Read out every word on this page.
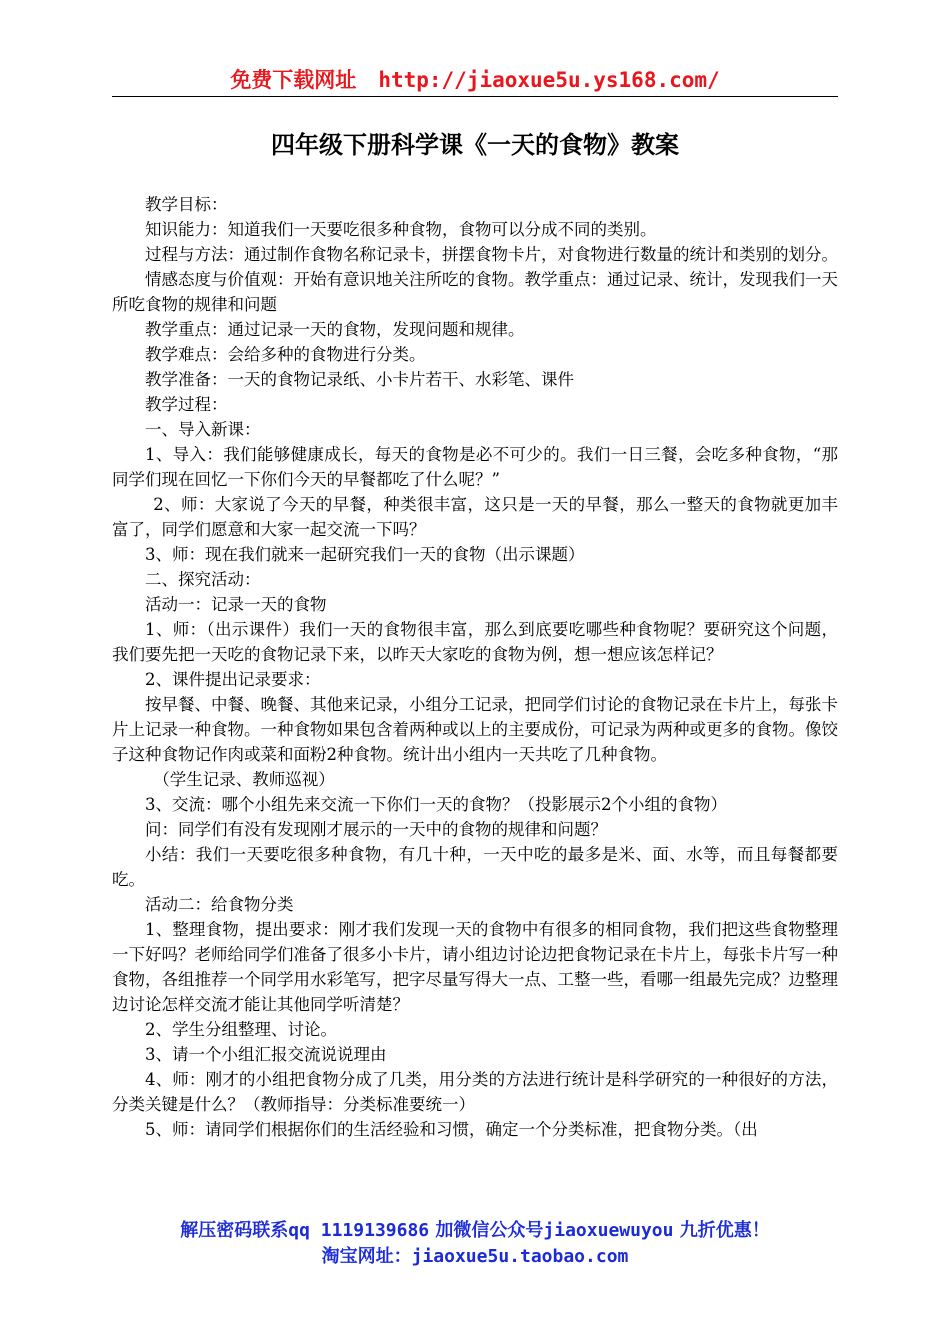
免费下载网址 http://jiaoxue5u.ys168.com/
四年级下册科学课《一天的食物》教案

教学目标：

知识能力：知道我们一天要吃很多种食物，食物可以分成不同的类别。

过程与方法：通过制作食物名称记录卡，拼摆食物卡片，对食物进行数量的统计和类别的划分。

情感态度与价值观：开始有意识地关注所吃的食物。教学重点：通过记录、统计，发现我们一天所吃食物的规律和问题

教学重点：通过记录一天的食物，发现问题和规律。

教学难点：会给多种的食物进行分类。

教学准备：一天的食物记录纸、小卡片若干、水彩笔、课件

教学过程：

一、导入新课：

1、导入：我们能够健康成长，每天的食物是必不可少的。我们一日三餐，会吃多种食物，“那同学们现在回忆一下你们今天的早餐都吃了什么呢？”

2、师：大家说了今天的早餐，种类很丰富，这只是一天的早餐，那么一整天的食物就更加丰富了，同学们愿意和大家一起交流一下吗？

3、师：现在我们就来一起研究我们一天的食物（出示课题）

二、探究活动：

活动一：记录一天的食物

1、师：（出示课件）我们一天的食物很丰富，那么到底要吃哪些种食物呢？要研究这个问题，我们要先把一天吃的食物记录下来，以昨天大家吃的食物为例，想一想应该怎样记？

2、课件提出记录要求：

按早餐、中餐、晚餐、其他来记录，小组分工记录，把同学们讨论的食物记录在卡片上，每张卡片上记录一种食物。一种食物如果包含着两种或以上的主要成份，可记录为两种或更多的食物。像饺子这种食物记作肉或菜和面粉2种食物。统计出小组内一天共吃了几种食物。

（学生记录、教师巡视）

3、交流：哪个小组先来交流一下你们一天的食物？（投影展示2个小组的食物）

问：同学们有没有发现刚才展示的一天中的食物的规律和问题？

小结：我们一天要吃很多种食物，有几十种，一天中吃的最多是米、面、水等，而且每餐都要吃。

活动二：给食物分类

1、整理食物，提出要求：刚才我们发现一天的食物中有很多的相同食物，我们把这些食物整理一下好吗？老师给同学们准备了很多小卡片，请小组边讨论边把食物记录在卡片上，每张卡片写一种食物，各组推荐一个同学用水彩笔写，把字尽量写得大一点、工整一些，看哪一组最先完成？边整理边讨论怎样交流才能让其他同学听清楚？

2、学生分组整理、讨论。

3、请一个小组汇报交流说说理由

4、师：刚才的小组把食物分成了几类，用分类的方法进行统计是科学研究的一种很好的方法，分类关键是什么？（教师指导：分类标准要统一）

5、师：请同学们根据你们的生活经验和习惯，确定一个分类标准，把食物分类。（出

解压密码联系qq 1119139686 加微信公众号jiaoxuewuyou 九折优惠！
淘宝网址：jiaoxue5u.taobao.com
